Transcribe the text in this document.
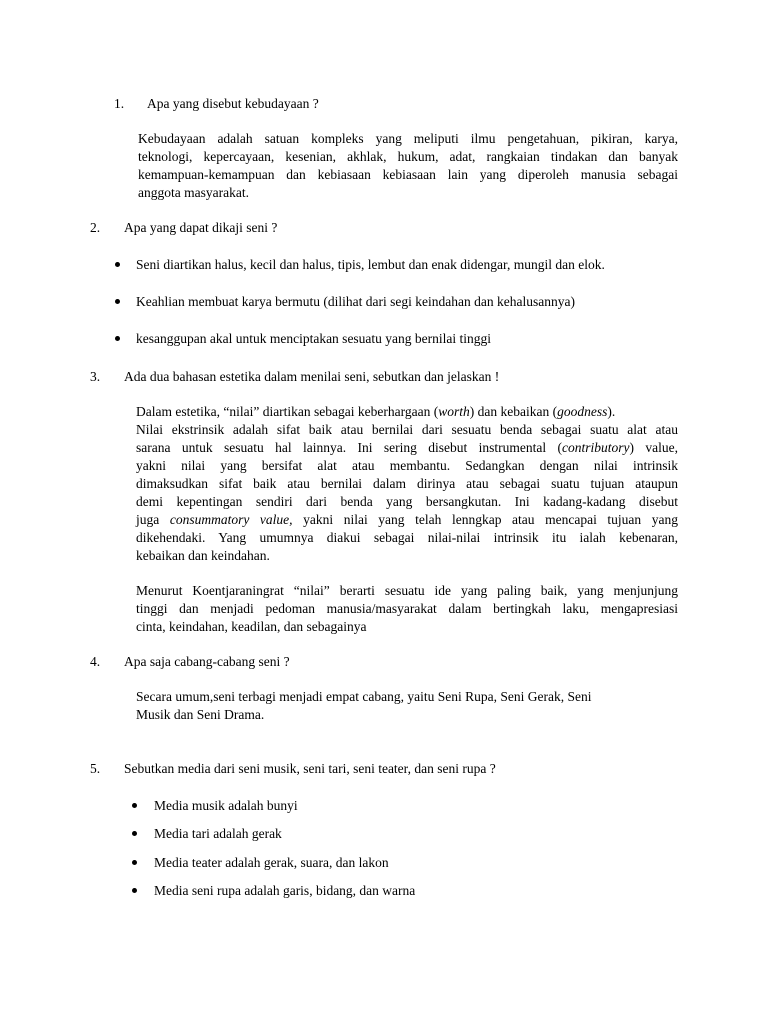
1. Apa yang disebut kebudayaan ?
Kebudayaan adalah satuan kompleks yang meliputi ilmu pengetahuan, pikiran, karya,
teknologi, kepercayaan, kesenian, akhlak, hukum, adat, rangkaian tindakan dan banyak
kemampuan-kemampuan dan kebiasaan kebiasaan lain yang diperoleh manusia sebagai
anggota masyarakat.
2. Apa yang dapat dikaji seni ?
Seni diartikan halus, kecil dan halus, tipis, lembut dan enak didengar, mungil dan elok.
Keahlian membuat karya bermutu (dilihat dari segi keindahan dan kehalusannya)
kesanggupan akal untuk menciptakan sesuatu yang bernilai tinggi
3. Ada dua bahasan estetika dalam menilai seni, sebutkan dan jelaskan !
Dalam estetika, “nilai” diartikan sebagai keberhargaan (worth) dan kebaikan (goodness).
Nilai ekstrinsik adalah sifat baik atau bernilai dari sesuatu benda sebagai suatu alat atau
sarana untuk sesuatu hal lainnya. Ini sering disebut instrumental (contributory) value,
yakni nilai yang bersifat alat atau membantu. Sedangkan dengan nilai intrinsik
dimaksudkan sifat baik atau bernilai dalam dirinya atau sebagai suatu tujuan ataupun
demi kepentingan sendiri dari benda yang bersangkutan. Ini kadang-kadang disebut
juga consummatory value, yakni nilai yang telah lenngkap atau mencapai tujuan yang
dikehendaki. Yang umumnya diakui sebagai nilai-nilai intrinsik itu ialah kebenaran,
kebaikan dan keindahan.
Menurut Koentjaraningrat “nilai” berarti sesuatu ide yang paling baik, yang menjunjung
tinggi dan menjadi pedoman manusia/masyarakat dalam bertingkah laku, mengapresiasi
cinta, keindahan, keadilan, dan sebagainya
4. Apa saja cabang-cabang seni ?
Secara umum,seni terbagi menjadi empat cabang, yaitu Seni Rupa, Seni Gerak, Seni
Musik dan Seni Drama.
5. Sebutkan media dari seni musik, seni tari, seni teater, dan seni rupa ?
Media musik adalah bunyi
Media tari adalah gerak
Media teater adalah gerak, suara, dan lakon
Media seni rupa adalah garis, bidang, dan warna
